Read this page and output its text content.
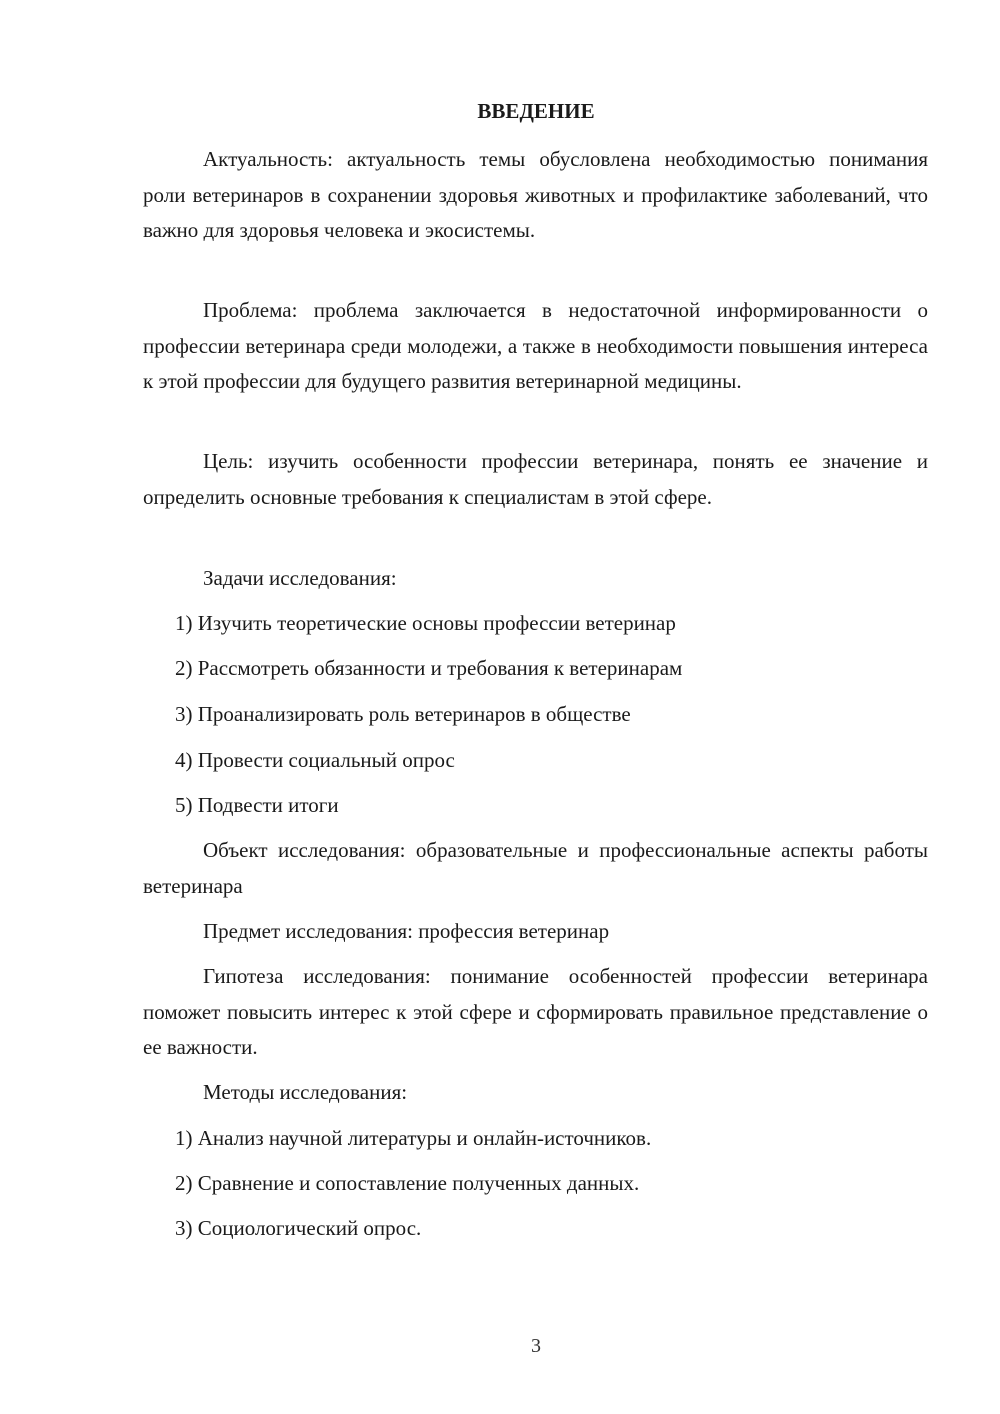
ВВЕДЕНИЕ

Актуальность: актуальность темы обусловлена необходимостью понимания роли ветеринаров в сохранении здоровья животных и профилактике заболеваний, что важно для здоровья человека и экосистемы.

Проблема: проблема заключается в недостаточной информированности о профессии ветеринара среди молодежи, а также в необходимости повышения интереса к этой профессии для будущего развития ветеринарной медицины.

Цель: изучить особенности профессии ветеринара, понять ее значение и определить основные требования к специалистам в этой сфере.

Задачи исследования:

1) Изучить теоретические основы профессии ветеринар

2) Рассмотреть обязанности и требования к ветеринарам

3) Проанализировать роль ветеринаров в обществе

4) Провести социальный опрос

5) Подвести итоги

Объект исследования: образовательные и профессиональные аспекты работы ветеринара

Предмет исследования: профессия ветеринар

Гипотеза исследования: понимание особенностей профессии ветеринара поможет повысить интерес к этой сфере и сформировать правильное представление о ее важности.

Методы исследования:

1) Анализ научной литературы и онлайн-источников.

2) Сравнение и сопоставление полученных данных.

3) Социологический опрос.

3
